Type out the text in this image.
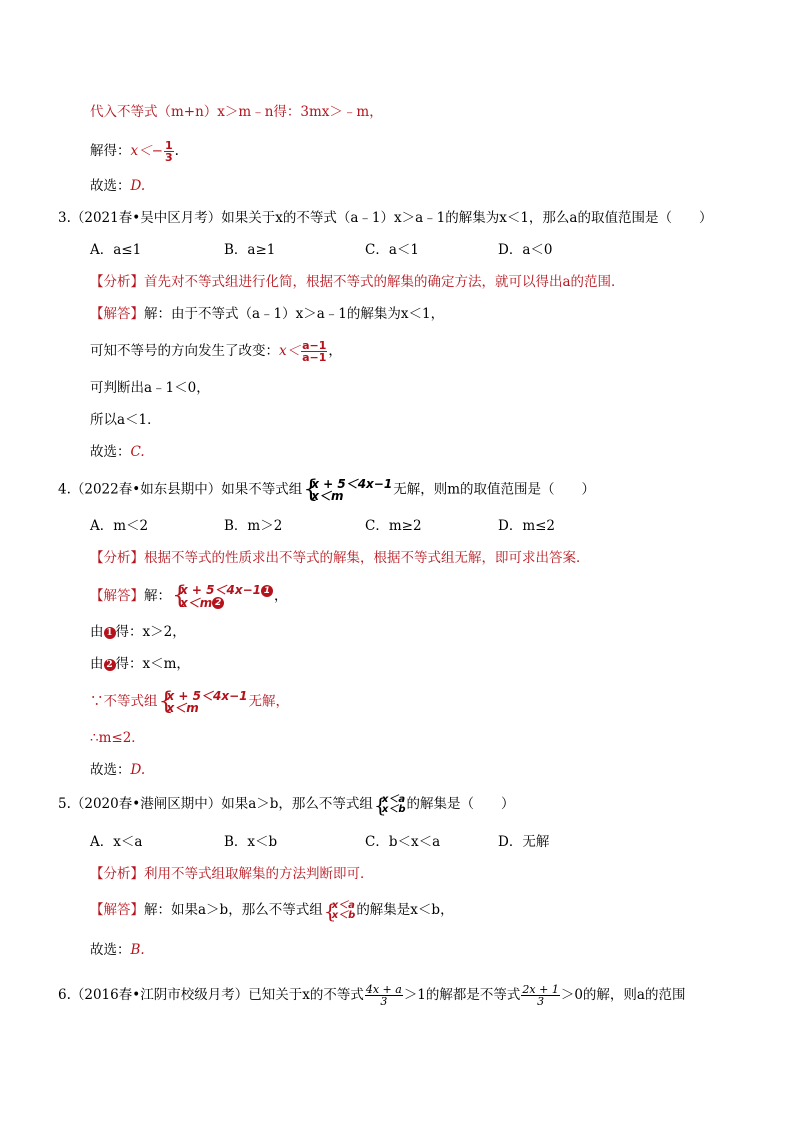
代入不等式（m+n）x＞m﹣n得：3mx＞﹣m，
解得：$x<- \frac{1}{3}$ .
故选：D.
3.（2021春•吴中区月考）如果关于x的不等式（a﹣1）x＞a﹣1的解集为x＜1，那么a的取值范围是（　　）
A．a≤1	B．a≥1	C．a＜1	D．a＜0
【分析】首先对不等式组进行化简，根据不等式的解集的确定方法，就可以得出a的范围．
【解答】解：由于不等式（a﹣1）x＞a﹣1的解集为x＜1，
可知不等号的方向发生了改变：$x< \frac{a-1}{a-1}$ ，
可判断出a﹣1＜0，
所以a＜1．
故选：C.
4.（2022春•如东县期中）如果不等式组 {
x + 5＜4x−1
x＜m	无解，则m的取值范围是（　　）
A．m＜2	B．m＞2	C．m≥2	D．m≤2
【分析】根据不等式的性质求出不等式的解集，根据不等式组无解，即可求出答案．
【解答】解： {
x + 5＜4x−1 1
x＜m 2	，
由 1 得：x＞2，
由 2 得：x＜m，
∵不等式组 {
x + 5＜4x−1
x＜m	无解，
∴m≤2．
故选：D.
5.（2020春•港闸区期中）如果a＞b，那么不等式组 {
x＜a
x＜b 的解集是（　　）
A．x＜a	B．x＜b	C．b＜x＜a	D．无解
【分析】利用不等式组取解集的方法判断即可．
【解答】解：如果a＞b，那么不等式组 {
x＜a
x＜b 的解集是x＜b，
故选：B.
6.（2016春•江阴市校级月考）已知关于x的不等式 $\frac{4x + a}{3} >1$的解都是不等式 $\frac{2x + 1}{3} >0$的解，则a的范围
